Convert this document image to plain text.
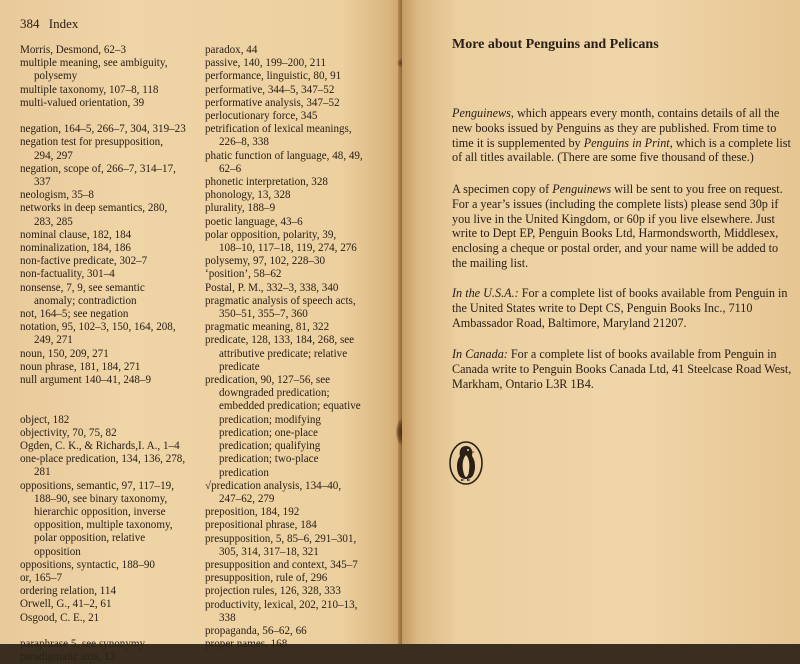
384 Index
Morris, Desmond, 62–3
multiple meaning, see ambiguity,
polysemy
multiple taxonomy, 107–8, 118
multi-valued orientation, 39
negation, 164–5, 266–7, 304, 319–23
negation test for presupposition,
294, 297
negation, scope of, 266–7, 314–17,
337
neologism, 35–8
networks in deep semantics, 280,
283, 285
nominal clause, 182, 184
nominalization, 184, 186
non-factive predicate, 302–7
non-factuality, 301–4
nonsense, 7, 9, see semantic
anomaly; contradiction
not, 164–5; see negation
notation, 95, 102–3, 150, 164, 208,
249, 271
noun, 150, 209, 271
noun phrase, 181, 184, 271
null argument 140–41, 248–9
object, 182
objectivity, 70, 75, 82
Ogden, C. K., & Richards,I. A., 1–4
one-place predication, 134, 136, 278,
281
oppositions, semantic, 97, 117–19,
188–90, see binary taxonomy,
hierarchic opposition, inverse
opposition, multiple taxonomy,
polar opposition, relative
opposition
oppositions, syntactic, 188–90
or, 165–7
ordering relation, 114
Orwell, G., 41–2, 61
Osgood, C. E., 21
paraphrase 5, see synonymy
paradigmatic axis, 12
paradox, 44
passive, 140, 199–200, 211
performance, linguistic, 80, 91
performative, 344–5, 347–52
performative analysis, 347–52
perlocutionary force, 345
petrification of lexical meanings,
226–8, 338
phatic function of language, 48, 49,
62–6
phonetic interpretation, 328
phonology, 13, 328
plurality, 188–9
poetic language, 43–6
polar opposition, polarity, 39,
108–10, 117–18, 119, 274, 276
polysemy, 97, 102, 228–30
‘position’, 58–62
Postal, P. M., 332–3, 338, 340
pragmatic analysis of speech acts,
350–51, 355–7, 360
pragmatic meaning, 81, 322
predicate, 128, 133, 184, 268, see
attributive predicate; relative
predicate
predication, 90, 127–56, see
downgraded predication;
embedded predication; equative
predication; modifying
predication; one-place
predication; qualifying
predication; two-place
predication
√predication analysis, 134–40,
247–62, 279
preposition, 184, 192
prepositional phrase, 184
presupposition, 5, 85–6, 291–301,
305, 314, 317–18, 321
presupposition and context, 345–7
presupposition, rule of, 296
projection rules, 126, 328, 333
productivity, lexical, 202, 210–13,
338
propaganda, 56–62, 66
proper names, 168
More about Penguins and Pelicans
Penguinews, which appears every month, contains details of all the new books issued by Penguins as they are published. From time to time it is supplemented by Penguins in Print, which is a complete list of all titles available. (There are some five thousand of these.)
A specimen copy of Penguinews will be sent to you free on request. For a year’s issues (including the complete lists) please send 30p if you live in the United Kingdom, or 60p if you live elsewhere. Just write to Dept EP, Penguin Books Ltd, Harmondsworth, Middlesex, enclosing a cheque or postal order, and your name will be added to the mailing list.
In the U.S.A.: For a complete list of books available from Penguin in the United States write to Dept CS, Penguin Books Inc., 7110 Ambassador Road, Baltimore, Maryland 21207.
In Canada: For a complete list of books available from Penguin in Canada write to Penguin Books Canada Ltd, 41 Steelcase Road West, Markham, Ontario L3R 1B4.
